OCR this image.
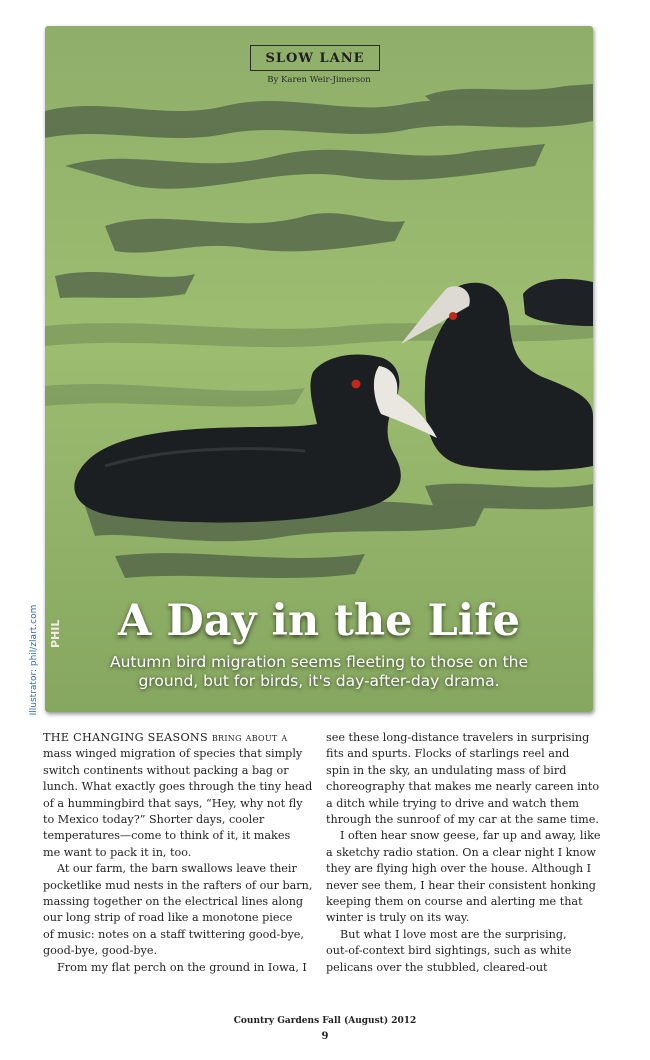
Illustrator: phil/zlart.com
SLOW LANE
By Karen Weir-Jimerson
A Day in the Life
Autumn bird migration seems fleeting to those on the
ground, but for birds, it's day-after-day drama.
PHIL

THE CHANGING SEASONS bring about a

mass winged migration of species that simply

switch continents without packing a bag or

lunch. What exactly goes through the tiny head

of a hummingbird that says, “Hey, why not fly

to Mexico today?” Shorter days, cooler

temperatures—come to think of it, it makes

me want to pack it in, too.

At our farm, the barn swallows leave their

pocketlike mud nests in the rafters of our barn,

massing together on the electrical lines along

our long strip of road like a monotone piece

of music: notes on a staff twittering good-bye,

good-bye, good-bye.

From my flat perch on the ground in Iowa, I

see these long-distance travelers in surprising

fits and spurts. Flocks of starlings reel and

spin in the sky, an undulating mass of bird

choreography that makes me nearly careen into

a ditch while trying to drive and watch them

through the sunroof of my car at the same time.

I often hear snow geese, far up and away, like

a sketchy radio station. On a clear night I know

they are flying high over the house. Although I

never see them, I hear their consistent honking

keeping them on course and alerting me that

winter is truly on its way.

But what I love most are the surprising,

out-of-context bird sightings, such as white

pelicans over the stubbled, cleared-out

Country Gardens Fall (August) 2012
9
